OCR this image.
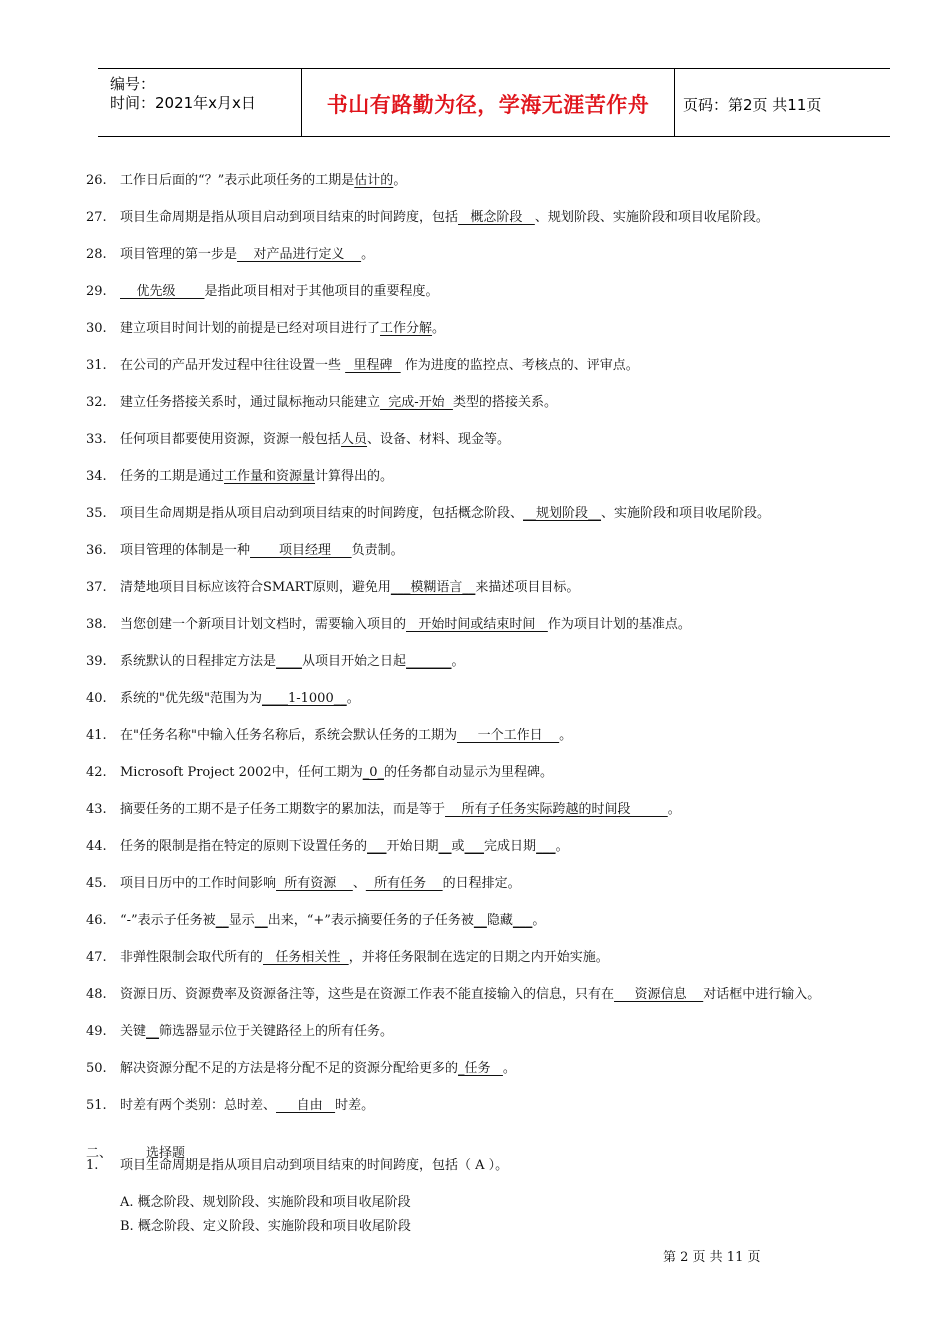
编号：
时间：2021年x月x日	书山有路勤为径，学海无涯苦作舟	页码：第2页 共11页
26.	工作日后面的“？”表示此项任务的工期是估计的。
27.	项目生命周期是指从项目启动到项目结束的时间跨度，包括   概念阶段   、规划阶段、实施阶段和项目收尾阶段。
28.	项目管理的第一步是    对产品进行定义    。
29.	优先级       是指此项目相对于其他项目的重要程度。
30.	建立项目时间计划的前提是已经对项目进行了工作分解。
31.	在公司的产品开发过程中往往设置一些   里程碑   作为进度的监控点、考核点的、评审点。
32.	建立任务搭接关系时，通过鼠标拖动只能建立  完成-开始  类型的搭接关系。
33.	任何项目都要使用资源，资源一般包括人员、设备、材料、现金等。
34.	任务的工期是通过工作量和资源量计算得出的。
35.	项目生命周期是指从项目启动到项目结束的时间跨度，包括概念阶段、__规划阶段__、实施阶段和项目收尾阶段。
36.	项目管理的体制是一种       项目经理     负责制。
37.	清楚地项目目标应该符合SMART原则，避免用___模糊语言__来描述项目目标。
38.	当您创建一个新项目计划文档时，需要输入项目的   开始时间或结束时间   作为项目计划的基准点。
39.	系统默认的日程排定方法是____从项目开始之日起_______。
40.	系统的"优先级"范围为为____1-1000__。
41.	在"任务名称"中输入任务名称后，系统会默认任务的工期为     一个工作日    。
42.	Microsoft Project 2002中，任何工期为_0_的任务都自动显示为里程碑。
43.	摘要任务的工期不是子任务工期数字的累加法，而是等于    所有子任务实际跨越的时间段         。
44.	任务的限制是指在特定的原则下设置任务的___开始日期__或___完成日期___。
45.	项目日历中的工作时间影响  所有资源    、  所有任务    的日程排定。
46.	“-”表示子任务被__显示__出来，“+”表示摘要任务的子任务被__隐藏___。
47.	非弹性限制会取代所有的   任务相关性  ，并将任务限制在选定的日期之内开始实施。
48.	资源日历、资源费率及资源备注等，这些是在资源工作表不能直接输入的信息，只有在     资源信息    对话框中进行输入。
49.	关键__筛选器显示位于关键路径上的所有任务。
50.	解决资源分配不足的方法是将分配不足的资源分配给更多的_任务   。
51.	时差有两个类别：总时差、     自由   时差。
二、	选择题
1.	项目生命周期是指从项目启动到项目结束的时间跨度，包括（ A ）。
A. 概念阶段、规划阶段、实施阶段和项目收尾阶段
B. 概念阶段、定义阶段、实施阶段和项目收尾阶段
第 2 页 共 11 页
